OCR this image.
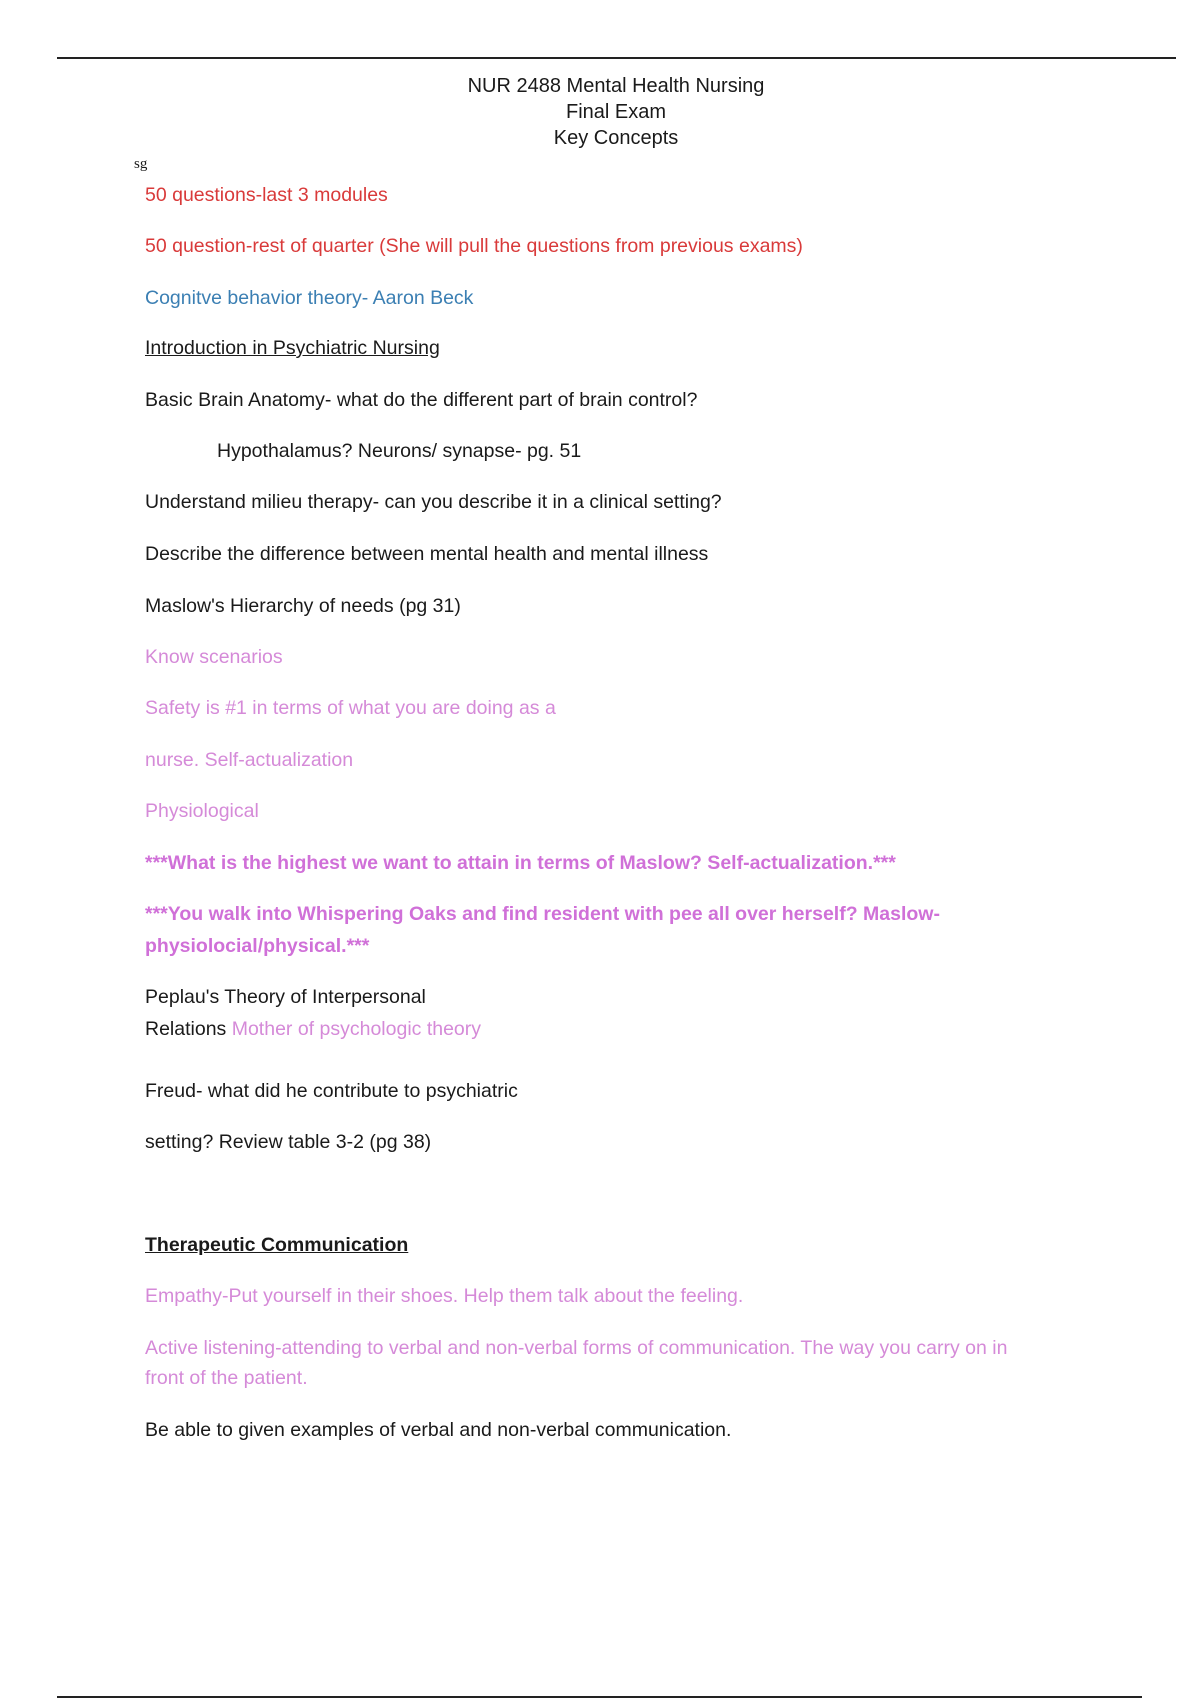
NUR 2488 Mental Health Nursing
Final Exam
Key Concepts
sg
50 questions-last 3 modules
50 question-rest of quarter (She will pull the questions from previous exams)
Cognitve behavior theory- Aaron Beck
Introduction in Psychiatric Nursing
Basic Brain Anatomy- what do the different part of brain control?
Hypothalamus? Neurons/ synapse- pg. 51
Understand milieu therapy- can you describe it in a clinical setting?
Describe the difference between mental health and mental illness
Maslow's Hierarchy of needs (pg 31)
Know scenarios
Safety is #1 in terms of what you are doing as a
nurse. Self-actualization
Physiological
***What is the highest we want to attain in terms of Maslow? Self-actualization.***
***You walk into Whispering Oaks and find resident with pee all over herself? Maslow-
physiolocial/physical.***
Peplau's Theory of Interpersonal
Relations Mother of psychologic theory
Freud- what did he contribute to psychiatric
setting? Review table 3-2 (pg 38)
Therapeutic Communication
Empathy-Put yourself in their shoes. Help them talk about the feeling.
Active listening-attending to verbal and non-verbal forms of communication. The way you carry on in
front of the patient.
Be able to given examples of verbal and non-verbal communication.
